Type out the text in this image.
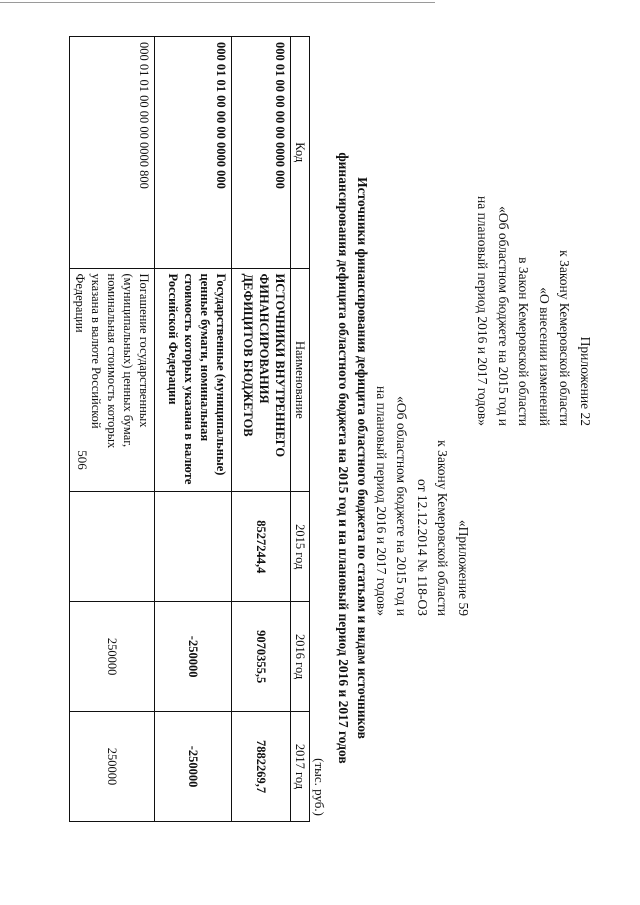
506
Приложение 22
к Закону Кемеровской области
«О внесении изменений
в Закон Кемеровской области
«Об областном бюджете на 2015 год и
на плановый период 2016 и 2017 годов»
«Приложение 59
к Закону Кемеровской области
от 12.12.2014 № 118-ОЗ
«Об областном бюджете на 2015 год и
на плановый период 2016 и 2017 годов»
Источники финансирования дефицита областного бюджета по статьям и видам источников
финансирования дефицита областного бюджета на 2015 год и на плановый период 2016 и 2017 годов
(тыс. руб.)
Код	Наименование	2015 год	2016 год	2017 год
000 01 00 00 00 00 0000 000	ИСТОЧНИКИ ВНУТРЕННЕГО ФИНАНСИРОВАНИЯ ДЕФИЦИТОВ БЮДЖЕТОВ	8527244,4	9070355,5	7882269,7
000 01 01 00 00 00 0000 000	Государственные (муниципальные) ценные бумаги, номинальная стоимость которых указана в валюте Российской Федерации		-250000	-250000
000 01 01 00 00 00 0000 800	Погашение государственных (муниципальных) ценных бумаг, номинальная стоимость которых указана в валюте Российской Федерации		250000	250000
